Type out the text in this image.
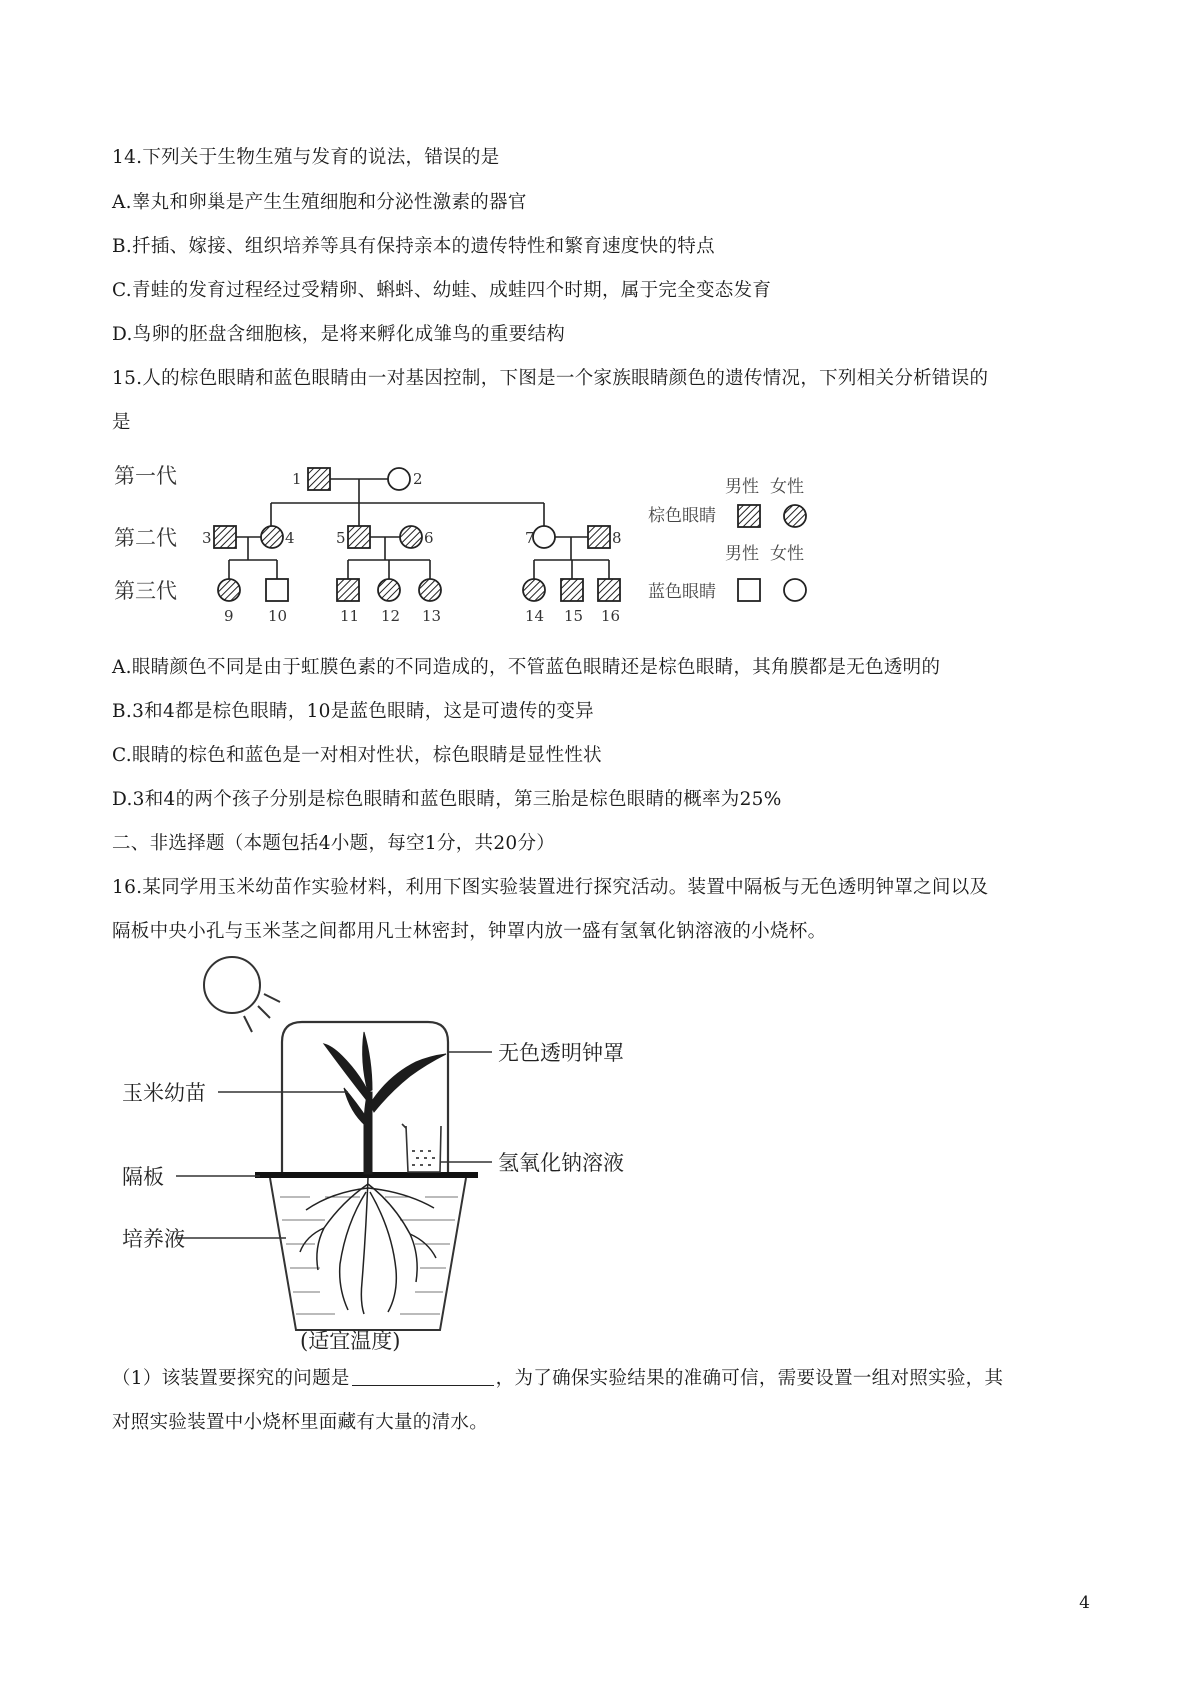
14.下列关于生物生殖与发育的说法，错误的是
A.睾丸和卵巢是产生生殖细胞和分泌性激素的器官
B.扦插、嫁接、组织培养等具有保持亲本的遗传特性和繁育速度快的特点
C.青蛙的发育过程经过受精卵、蝌蚪、幼蛙、成蛙四个时期，属于完全变态发育
D.鸟卵的胚盘含细胞核，是将来孵化成雏鸟的重要结构
15.人的棕色眼睛和蓝色眼睛由一对基因控制，下图是一个家族眼睛颜色的遗传情况，下列相关分析错误的
是
第一代
第二代
第三代
1	2
3	4	5	6	7	8
9 10	11 12 13	14 15 16
男性 女性
棕色眼睛
男性 女性
蓝色眼睛
A.眼睛颜色不同是由于虹膜色素的不同造成的，不管蓝色眼睛还是棕色眼睛，其角膜都是无色透明的
B.3和4都是棕色眼睛，10是蓝色眼睛，这是可遗传的变异
C.眼睛的棕色和蓝色是一对相对性状，棕色眼睛是显性性状
D.3和4的两个孩子分别是棕色眼睛和蓝色眼睛，第三胎是棕色眼睛的概率为25%
二、非选择题（本题包括4小题，每空1分，共20分）
16.某同学用玉米幼苗作实验材料，利用下图实验装置进行探究活动。装置中隔板与无色透明钟罩之间以及
隔板中央小孔与玉米茎之间都用凡士林密封，钟罩内放一盛有氢氧化钠溶液的小烧杯。
玉米幼苗
无色透明钟罩
氢氧化钠溶液
隔板
培养液
(适宜温度)
（1）该装置要探究的问题是	，为了确保实验结果的准确可信，需要设置一组对照实验，其
对照实验装置中小烧杯里面藏有大量的清水。
4
